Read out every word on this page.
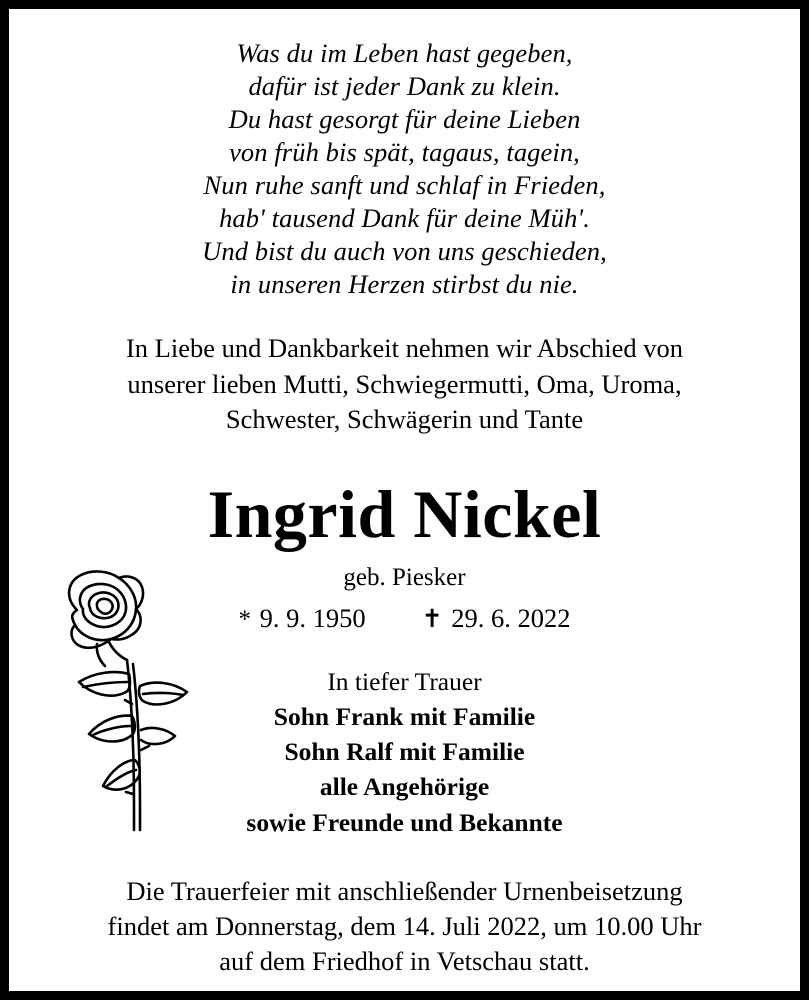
Was du im Leben hast gegeben,
dafür ist jeder Dank zu klein.
Du hast gesorgt für deine Lieben
von früh bis spät, tagaus, tagein,
Nun ruhe sanft und schlaf in Frieden,
hab' tausend Dank für deine Müh'.
Und bist du auch von uns geschieden,
in unseren Herzen stirbst du nie.
In Liebe und Dankbarkeit nehmen wir Abschied von
unserer lieben Mutti, Schwiegermutti, Oma, Uroma,
Schwester, Schwägerin und Tante
Ingrid Nickel
geb. Piesker
* 9. 9. 1950 ✝ 29. 6. 2022
In tiefer Trauer
Sohn Frank mit Familie
Sohn Ralf mit Familie
alle Angehörige
sowie Freunde und Bekannte
Die Trauerfeier mit anschließender Urnenbeisetzung
findet am Donnerstag, dem 14. Juli 2022, um 10.00 Uhr
auf dem Friedhof in Vetschau statt.
